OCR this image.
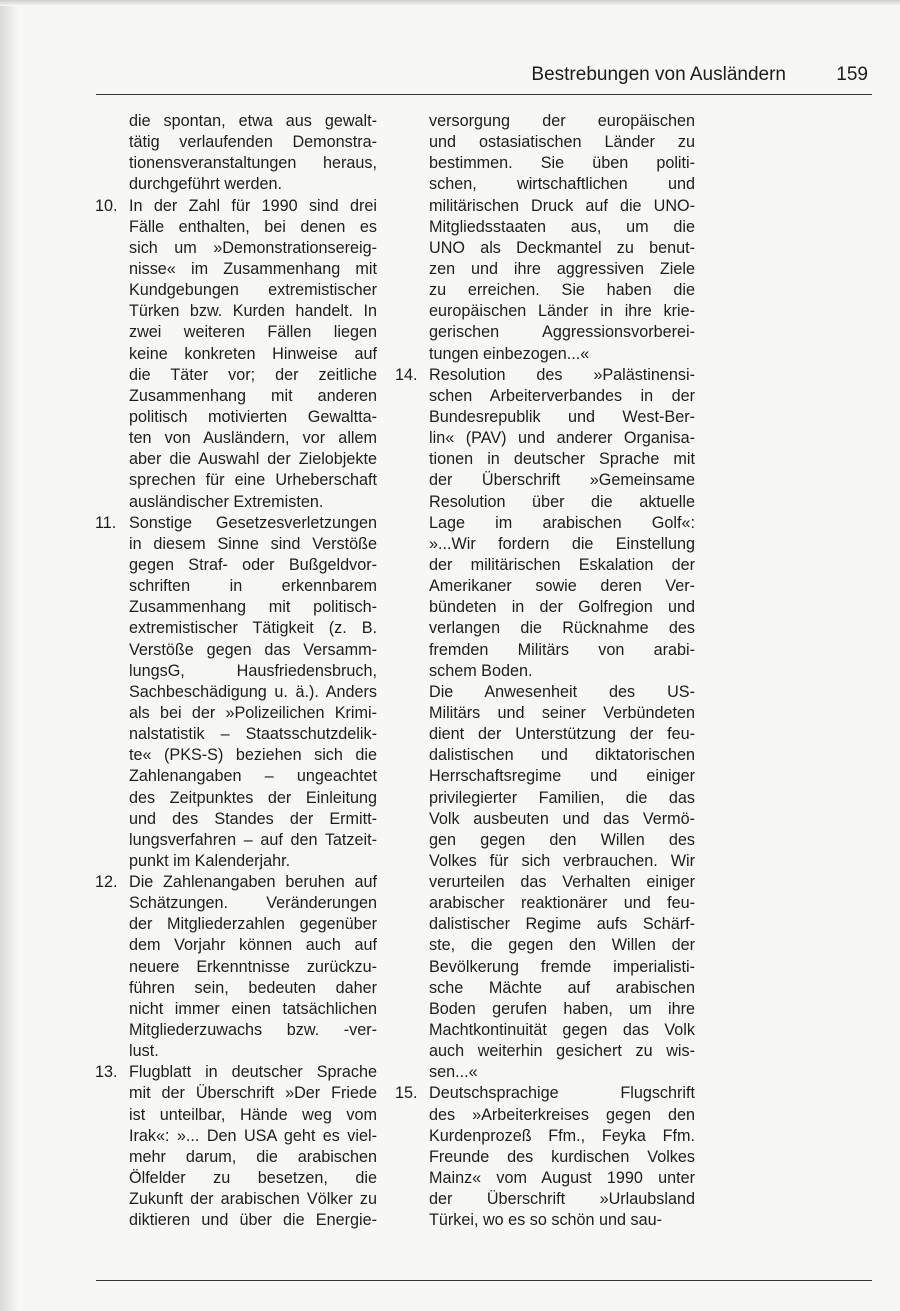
Bestrebungen von Ausländern	159
die spontan, etwa aus gewalt-
tätig verlaufenden Demonstra-
tionensveranstaltungen heraus,
durchgeführt werden.
10. In der Zahl für 1990 sind drei
Fälle enthalten, bei denen es
sich um »Demonstrationsereig-
nisse« im Zusammenhang mit
Kundgebungen extremistischer
Türken bzw. Kurden handelt. In
zwei weiteren Fällen liegen
keine konkreten Hinweise auf
die Täter vor; der zeitliche
Zusammenhang mit anderen
politisch motivierten Gewaltta-
ten von Ausländern, vor allem
aber die Auswahl der Zielobjekte
sprechen für eine Urheberschaft
ausländischer Extremisten.
11. Sonstige Gesetzesverletzungen
in diesem Sinne sind Verstöße
gegen Straf- oder Bußgeldvor-
schriften in erkennbarem
Zusammenhang mit politisch-
extremistischer Tätigkeit (z. B.
Verstöße gegen das Versamm-
lungsG, Hausfriedensbruch,
Sachbeschädigung u. ä.). Anders
als bei der »Polizeilichen Krimi-
nalstatistik – Staatsschutzdelik-
te« (PKS-S) beziehen sich die
Zahlenangaben – ungeachtet
des Zeitpunktes der Einleitung
und des Standes der Ermitt-
lungsverfahren – auf den Tatzeit-
punkt im Kalenderjahr.
12. Die Zahlenangaben beruhen auf
Schätzungen. Veränderungen
der Mitgliederzahlen gegenüber
dem Vorjahr können auch auf
neuere Erkenntnisse zurückzu-
führen sein, bedeuten daher
nicht immer einen tatsächlichen
Mitgliederzuwachs bzw. -ver-
lust.
13. Flugblatt in deutscher Sprache
mit der Überschrift »Der Friede
ist unteilbar, Hände weg vom
Irak«: »... Den USA geht es viel-
mehr darum, die arabischen
Ölfelder zu besetzen, die
Zukunft der arabischen Völker zu
diktieren und über die Energie-
versorgung der europäischen
und ostasiatischen Länder zu
bestimmen. Sie üben politi-
schen, wirtschaftlichen und
militärischen Druck auf die UNO-
Mitgliedsstaaten aus, um die
UNO als Deckmantel zu benut-
zen und ihre aggressiven Ziele
zu erreichen. Sie haben die
europäischen Länder in ihre krie-
gerischen Aggressionsvorberei-
tungen einbezogen...«
14. Resolution des »Palästinensi-
schen Arbeiterverbandes in der
Bundesrepublik und West-Ber-
lin« (PAV) und anderer Organisa-
tionen in deutscher Sprache mit
der Überschrift »Gemeinsame
Resolution über die aktuelle
Lage im arabischen Golf«:
»...Wir fordern die Einstellung
der militärischen Eskalation der
Amerikaner sowie deren Ver-
bündeten in der Golfregion und
verlangen die Rücknahme des
fremden Militärs von arabi-
schem Boden.
Die Anwesenheit des US-
Militärs und seiner Verbündeten
dient der Unterstützung der feu-
dalistischen und diktatorischen
Herrschaftsregime und einiger
privilegierter Familien, die das
Volk ausbeuten und das Vermö-
gen gegen den Willen des
Volkes für sich verbrauchen. Wir
verurteilen das Verhalten einiger
arabischer reaktionärer und feu-
dalistischer Regime aufs Schärf-
ste, die gegen den Willen der
Bevölkerung fremde imperialisti-
sche Mächte auf arabischen
Boden gerufen haben, um ihre
Machtkontinuität gegen das Volk
auch weiterhin gesichert zu wis-
sen...«
15. Deutschsprachige Flugschrift
des »Arbeiterkreises gegen den
Kurdenprozeß Ffm., Feyka Ffm.
Freunde des kurdischen Volkes
Mainz« vom August 1990 unter
der Überschrift »Urlaubsland
Türkei, wo es so schön und sau-
